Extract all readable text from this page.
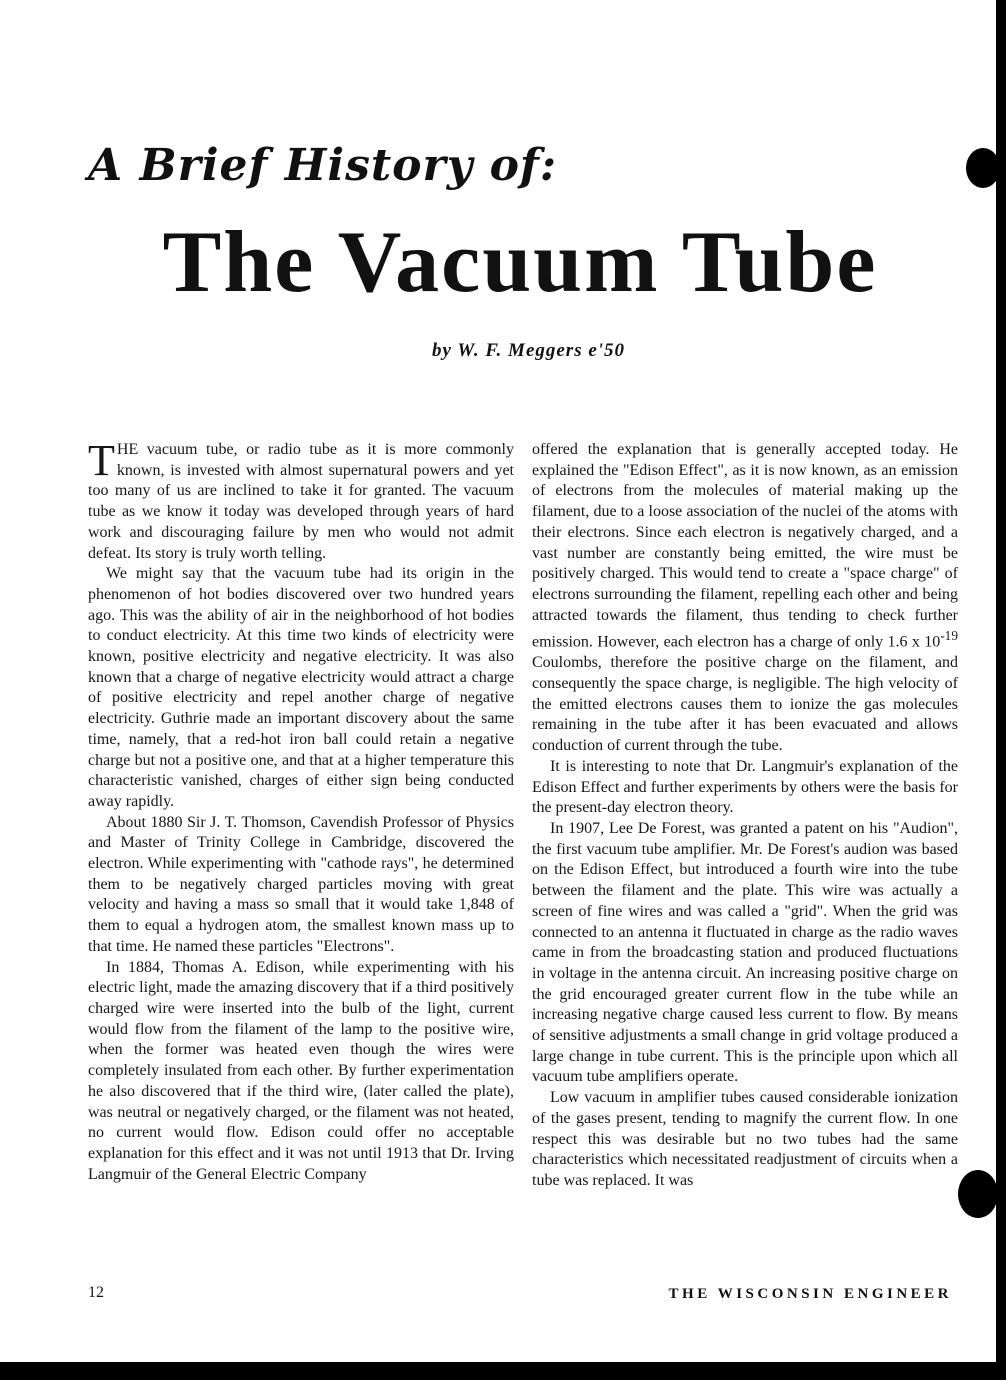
A Brief History of:
The Vacuum Tube

by W. F. Meggers e'50

THE vacuum tube, or radio tube as it is more commonly known, is invested with almost supernatural powers and yet too many of us are inclined to take it for granted. The vacuum tube as we know it today was developed through years of hard work and discouraging failure by men who would not admit defeat. Its story is truly worth telling.

We might say that the vacuum tube had its origin in the phenomenon of hot bodies discovered over two hundred years ago. This was the ability of air in the neighborhood of hot bodies to conduct electricity. At this time two kinds of electricity were known, positive electricity and negative electricity. It was also known that a charge of negative electricity would attract a charge of positive electricity and repel another charge of negative electricity. Guthrie made an important discovery about the same time, namely, that a red-hot iron ball could retain a negative charge but not a positive one, and that at a higher temperature this characteristic vanished, charges of either sign being conducted away rapidly.

About 1880 Sir J. T. Thomson, Cavendish Professor of Physics and Master of Trinity College in Cambridge, discovered the electron. While experimenting with "cathode rays", he determined them to be negatively charged particles moving with great velocity and having a mass so small that it would take 1,848 of them to equal a hydrogen atom, the smallest known mass up to that time. He named these particles "Electrons".

In 1884, Thomas A. Edison, while experimenting with his electric light, made the amazing discovery that if a third positively charged wire were inserted into the bulb of the light, current would flow from the filament of the lamp to the positive wire, when the former was heated even though the wires were completely insulated from each other. By further experimentation he also discovered that if the third wire, (later called the plate), was neutral or negatively charged, or the filament was not heated, no current would flow. Edison could offer no acceptable explanation for this effect and it was not until 1913 that Dr. Irving Langmuir of the General Electric Company

offered the explanation that is generally accepted today. He explained the "Edison Effect", as it is now known, as an emission of electrons from the molecules of material making up the filament, due to a loose association of the nuclei of the atoms with their electrons. Since each electron is negatively charged, and a vast number are constantly being emitted, the wire must be positively charged. This would tend to create a "space charge" of electrons surrounding the filament, repelling each other and being attracted towards the filament, thus tending to check further emission. However, each electron has a charge of only 1.6 x $10^{-19}$ Coulombs, therefore the positive charge on the filament, and consequently the space charge, is negligible. The high velocity of the emitted electrons causes them to ionize the gas molecules remaining in the tube after it has been evacuated and allows conduction of current through the tube.

It is interesting to note that Dr. Langmuir's explanation of the Edison Effect and further experiments by others were the basis for the present-day electron theory.

In 1907, Lee De Forest, was granted a patent on his "Audion", the first vacuum tube amplifier. Mr. De Forest's audion was based on the Edison Effect, but introduced a fourth wire into the tube between the filament and the plate. This wire was actually a screen of fine wires and was called a "grid". When the grid was connected to an antenna it fluctuated in charge as the radio waves came in from the broadcasting station and produced fluctuations in voltage in the antenna circuit. An increasing positive charge on the grid encouraged greater current flow in the tube while an increasing negative charge caused less current to flow. By means of sensitive adjustments a small change in grid voltage produced a large change in tube current. This is the principle upon which all vacuum tube amplifiers operate.

Low vacuum in amplifier tubes caused considerable ionization of the gases present, tending to magnify the current flow. In one respect this was desirable but no two tubes had the same characteristics which necessitated readjustment of circuits when a tube was replaced. It was

12	THE WISCONSIN ENGINEER
